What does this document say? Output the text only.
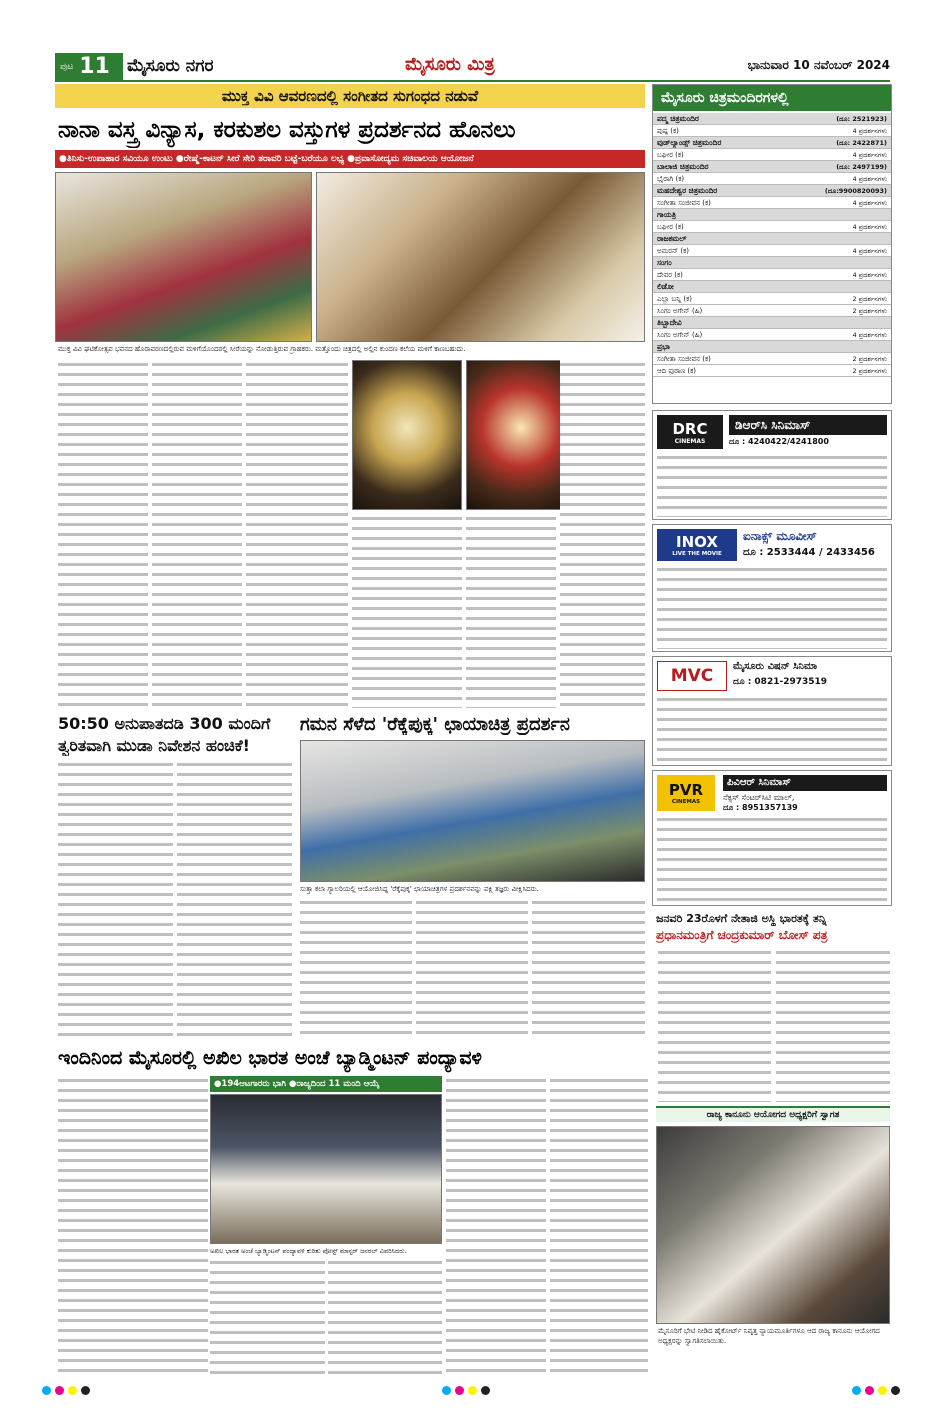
ಪುಟ 11 ಮೈಸೂರು ನಗರ	ಮೈಸೂರು ಮಿತ್ರ	ಭಾನುವಾರ 10 ನವೆಂಬರ್ 2024
ಮುಕ್ತ ವಿವಿ ಆವರಣದಲ್ಲಿ ಸಂಗೀತದ ಸುಗಂಧದ ನಡುವೆ
ನಾನಾ ವಸ್ತ್ರ ವಿನ್ಯಾಸ, ಕರಕುಶಲ ವಸ್ತುಗಳ ಪ್ರದರ್ಶನದ ಹೊನಲು
●ತಿನಿಸು-ಉಪಾಹಾರ ಸವಿಯೂ ಉಂಟು ●ರೇಷ್ಮೆ-ಕಾಟನ್ ಸೀರೆ ಸೇರಿ ತರಾವರಿ ಬಟ್ಟೆ-ಬರೆಯೂ ಲಭ್ಯ ●ಪ್ರವಾಸೋದ್ಯಮ ಸಚಿವಾಲಯ ಆಯೋಜನೆ
ಮುಕ್ತ ವಿವಿ ಘಟಿಕೋತ್ಸವ ಭವನದ ಹೊರಾವರಣದಲ್ಲಿರುವ ಮಳಿಗೆಯೊಂದರಲ್ಲಿ ಸೀರೆಯನ್ನು ನೋಡುತ್ತಿರುವ ಗ್ರಾಹಕರು. ಮತ್ತೊಂದು ಚಿತ್ರದಲ್ಲಿ ಅಲ್ಲಿನ ಕುಂದಣ ಕಲೆಯ ಮಳಿಗೆ ಕಾಣಬಹುದು.
50:50 ಅನುಪಾತದಡಿ 300 ಮಂದಿಗೆ
ತ್ವರಿತವಾಗಿ ಮುಡಾ ನಿವೇಶನ ಹಂಚಿಕೆ!
ಗಮನ ಸೆಳೆದ 'ರೆಕ್ಕೆಪುಕ್ಕ' ಛಾಯಾಚಿತ್ರ ಪ್ರದರ್ಶನ
ಸುತ್ತಾ ಕಲಾ ಗ್ಯಾಲರಿಯಲ್ಲಿ ಆಯೋಜಿಸಿದ್ದ 'ರೆಕ್ಕೆಪುಕ್ಕ' ಛಾಯಾಚಿತ್ರಗಳ ಪ್ರದರ್ಶನವನ್ನು ಪಕ್ಷಿ ತಜ್ಞರು ವೀಕ್ಷಿಸಿದರು.
ಜನವರಿ 23ರೊಳಗೆ ನೇತಾಜಿ ಅಸ್ಥಿ ಭಾರತಕ್ಕೆ ತನ್ನಿ
ಪ್ರಧಾನಮಂತ್ರಿಗೆ ಚಂದ್ರಕುಮಾರ್ ಬೋಸ್ ಪತ್ರ
ಇಂದಿನಿಂದ ಮೈಸೂರಲ್ಲಿ ಅಖಿಲ ಭಾರತ ಅಂಚೆ ಬ್ಯಾಡ್ಮಿಂಟನ್ ಪಂದ್ಯಾವಳಿ
●194ಆಟಗಾರರು ಭಾಗಿ ●ರಾಜ್ಯದಿಂದ 11 ಮಂದಿ ಆಯ್ಕೆ
ಅಖಿಲ ಭಾರತ ಅಂಚೆ ಬ್ಯಾಡ್ಮಿಂಟನ್ ಪಂದ್ಯಾವಳಿ ಕುರಿತು ಪೋಸ್ಟ್ ಮಾಸ್ಟರ್ ಜನರಲ್ ವಿವರಿಸಿದರು.
ರಾಜ್ಯ ಕಾನೂನು ಆಯೋಗದ ಅಧ್ಯಕ್ಷರಿಗೆ ಸ್ವಾಗತ
ಮೈಸೂರಿಗೆ ಭೇಟಿ ನೀಡಿದ ಹೈಕೋರ್ಟ್ ನಿವೃತ್ತ ನ್ಯಾಯಮೂರ್ತಿಗಳೂ ಆದ ರಾಜ್ಯ ಕಾನೂನು ಆಯೋಗದ ಅಧ್ಯಕ್ಷರನ್ನು ಸ್ವಾಗತಿಸಲಾಯಿತು.
ಮೈಸೂರು ಚಿತ್ರಮಂದಿರಗಳಲ್ಲಿ
ಪದ್ಮ ಚಿತ್ರಮಂದಿರ	(ದೂ: 2521923)
ಪುಷ್ಪ (ಕ)	4 ಪ್ರದರ್ಶನಗಳು
ವುಡ್‌ಲ್ಯಾಂಡ್ಸ್ ಚಿತ್ರಮಂದಿರ	(ದೂ: 2422871)
ಬಘೀರ (ಕ)	4 ಪ್ರದರ್ಶನಗಳು
ಬಾಲಾಜಿ ಚಿತ್ರಮಂದಿರ	(ದೂ: 2497199)
ಭೈರಾಗಿ (ಕ)	4 ಪ್ರದರ್ಶನಗಳು
ಮಹದೇಶ್ವರ ಚಿತ್ರಮಂದಿರ	(ದೂ:9900820093)
ಸಂಗೀತಾ ಸಂಜೀವನ (ಕ)	4 ಪ್ರದರ್ಶನಗಳು
ಗಾಯತ್ರಿ
ಬಘೀರ (ಕ)	4 ಪ್ರದರ್ಶನಗಳು
ರಾಜಕಮಲ್
ಅಮರನ್ (ಕ)	4 ಪ್ರದರ್ಶನಗಳು
ಸಂಗಂ
ದೇವರ (ಕ)	4 ಪ್ರದರ್ಶನಗಳು
ಲಿಡೋ
ಎಲ್ಲಾ ಬನ್ನಿ (ಕ)	2 ಪ್ರದರ್ಶನಗಳು
ಸಿಂಗಂ ಅಗೇನ್ (ಹಿ)	2 ಪ್ರದರ್ಶನಗಳು
ತಿಬ್ಬಾದೇವಿ
ಸಿಂಗಂ ಅಗೇನ್ (ಹಿ)	4 ಪ್ರದರ್ಶನಗಳು
ಪ್ರಭಾ
ಸಂಗೀತಾ ಸಂಜೀವನ (ಕ)	2 ಪ್ರದರ್ಶನಗಳು
ಆದಿ ಪುರಾಣ (ಕ)	2 ಪ್ರದರ್ಶನಗಳು
DRC
CINEMAS
ಡಿಆರ್‌ಸಿ ಸಿನಿಮಾಸ್
ದೂ : 4240422/4241800
INOX
LIVE THE MOVIE
ಐನಾಕ್ಸ್ ಮೂವೀಸ್
ದೂ : 2533444 / 2433456
MVC ಮೈಸೂರು ವಿಷನ್ ಸಿನಿಮಾ
ದೂ : 0821-2973519
PVR
CINEMAS
ಪಿವಿಆರ್ ಸಿನಿಮಾಸ್
ನೆಕ್ಸಸ್ ಸೆಂಟರ್‌ಸಿಟಿ ಮಾಲ್,
ದೂ : 8951357139
